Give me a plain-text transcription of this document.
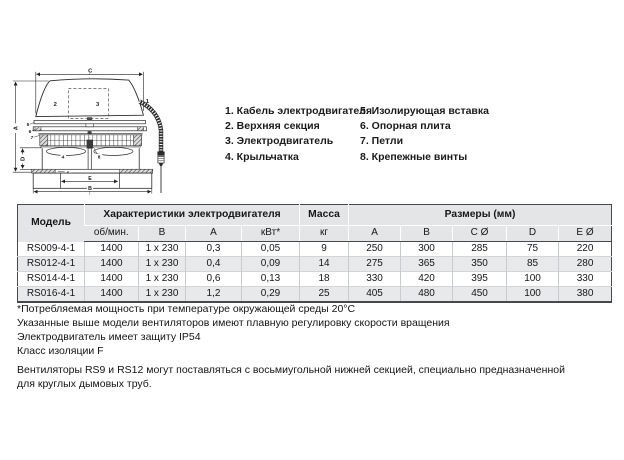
C
A
D
2	3	1
5
6
7
4	8
E
B
1. Кабель электродвигателя
2. Верхняя секция
3. Электродвигатель
4. Крыльчатка
5. Изолирующая вставка
6. Опорная плита
7. Петли
8. Крепежные винты
Модель	Характеристики электродвигателя				Масса	Размеры (мм)				
	об/мин.	В	А	кВт*	кг	A	B	C Ø	D	E Ø
RS009-4-1	1400	1 x 230	0,3	0,05	9	250	300	285	75	220
RS012-4-1	1400	1 x 230	0,4	0,09	14	275	365	350	85	280
RS014-4-1	1400	1 x 230	0,6	0,13	18	330	420	395	100	330
RS016-4-1	1400	1 x 230	1,2	0,29	25	405	480	450	100	380
*Потребляемая мощность при температуре окружающей среды 20°С
Указанные выше модели вентиляторов имеют плавную регулировку скорости вращения
Электродвигатель имеет защиту IP54
Класс изоляции F
Вентиляторы RS9 и RS12 могут поставляться с восьмиугольной нижней секцией, специально предназначенной для круглых дымовых труб.
